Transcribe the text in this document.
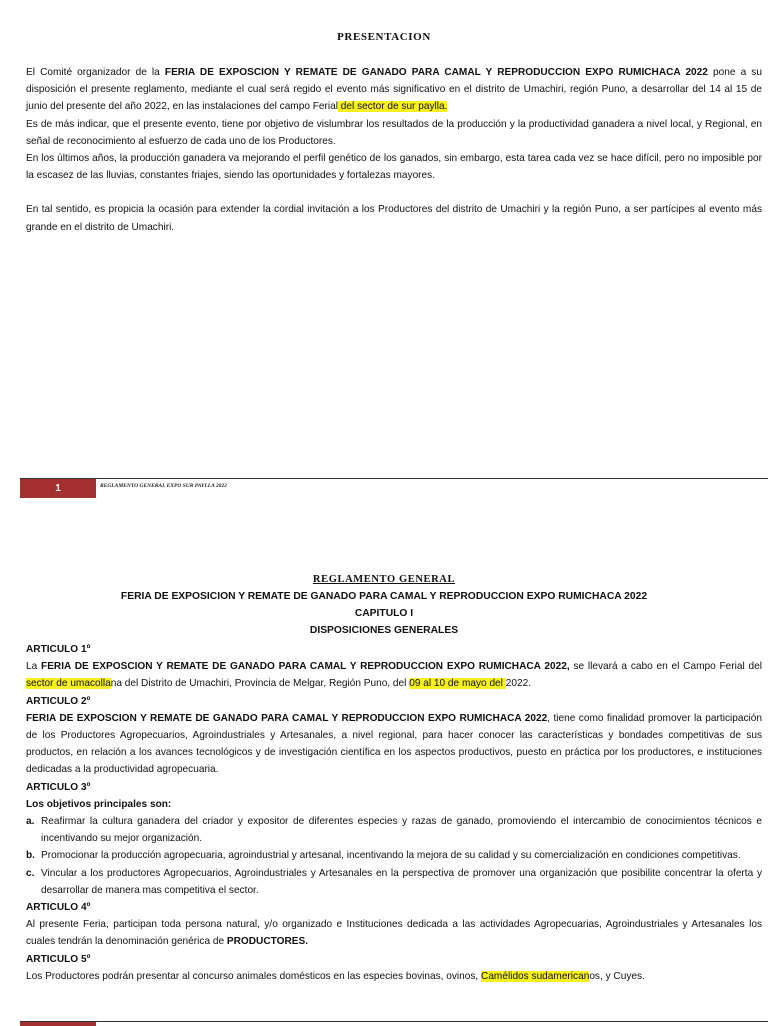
PRESENTACION

El Comité organizador de la FERIA DE EXPOSCION Y REMATE DE GANADO PARA CAMAL Y REPRODUCCION EXPO RUMICHACA 2022 pone a su disposición el presente reglamento, mediante el cual será regido el evento más significativo en el distrito de Umachiri, región Puno, a desarrollar del 14 al 15 de junio del presente del año 2022, en las instalaciones del campo Ferial del sector de sur paylla.

Es de más indicar, que el presente evento, tiene por objetivo de vislumbrar los resultados de la producción y la productividad ganadera a nivel local, y Regional, en señal de reconocimiento al esfuerzo de cada uno de los Productores.

En los últimos años, la producción ganadera va mejorando el perfil genético de los ganados, sin embargo, esta tarea cada vez se hace difícil, pero no imposible por la escasez de las lluvias, constantes friajes, siendo las oportunidades y fortalezas mayores.

En tal sentido, es propicia la ocasión para extender la cordial invitación a los Productores del distrito de Umachiri y la región Puno, a ser partícipes al evento más grande en el distrito de Umachiri.

1	REGLAMENTO GENERAL EXPO SUR PAYLLA 2022
REGLAMENTO GENERAL
FERIA DE EXPOSICION Y REMATE DE GANADO PARA CAMAL Y REPRODUCCION EXPO RUMICHACA 2022
CAPITULO I
DISPOSICIONES GENERALES

ARTICULO 1º

La FERIA DE EXPOSCION Y REMATE DE GANADO PARA CAMAL Y REPRODUCCION EXPO RUMICHACA 2022, se llevará a cabo en el Campo Ferial del sector de umacollana del Distrito de Umachiri, Provincia de Melgar, Región Puno, del 09 al 10 de mayo del 2022.

ARTICULO 2º

FERIA DE EXPOSCION Y REMATE DE GANADO PARA CAMAL Y REPRODUCCION EXPO RUMICHACA 2022, tiene como finalidad promover la participación de los Productores Agropecuarios, Agroindustriales y Artesanales, a nivel regional, para hacer conocer las características y bondades competitivas de sus productos, en relación a los avances tecnológicos y de investigación científica en los aspectos productivos, puesto en práctica por los productores, e instituciones dedicadas a la productividad agropecuaria.

ARTICULO 3º

Los objetivos principales son:

a. Reafirmar la cultura ganadera del criador y expositor de diferentes especies y razas de ganado, promoviendo el intercambio de conocimientos técnicos e incentivando su mejor organización.
b. Promocionar la producción agropecuaria, agroindustrial y artesanal, incentivando la mejora de su calidad y su comercialización en condiciones competitivas.
c. Vincular a los productores Agropecuarios, Agroindustriales y Artesanales en la perspectiva de promover una organización que posibilite concentrar la oferta y desarrollar de manera mas competitiva el sector.

ARTICULO 4º

Al presente Feria, participan toda persona natural, y/o organizado e Instituciones dedicada a las actividades Agropecuarias, Agroindustriales y Artesanales los cuales tendrán la denominación genérica de PRODUCTORES.

ARTICULO 5º

Los Productores podrán presentar al concurso animales domésticos en las especies bovinas, ovinos, Camélidos sudamericanos, y Cuyes.
